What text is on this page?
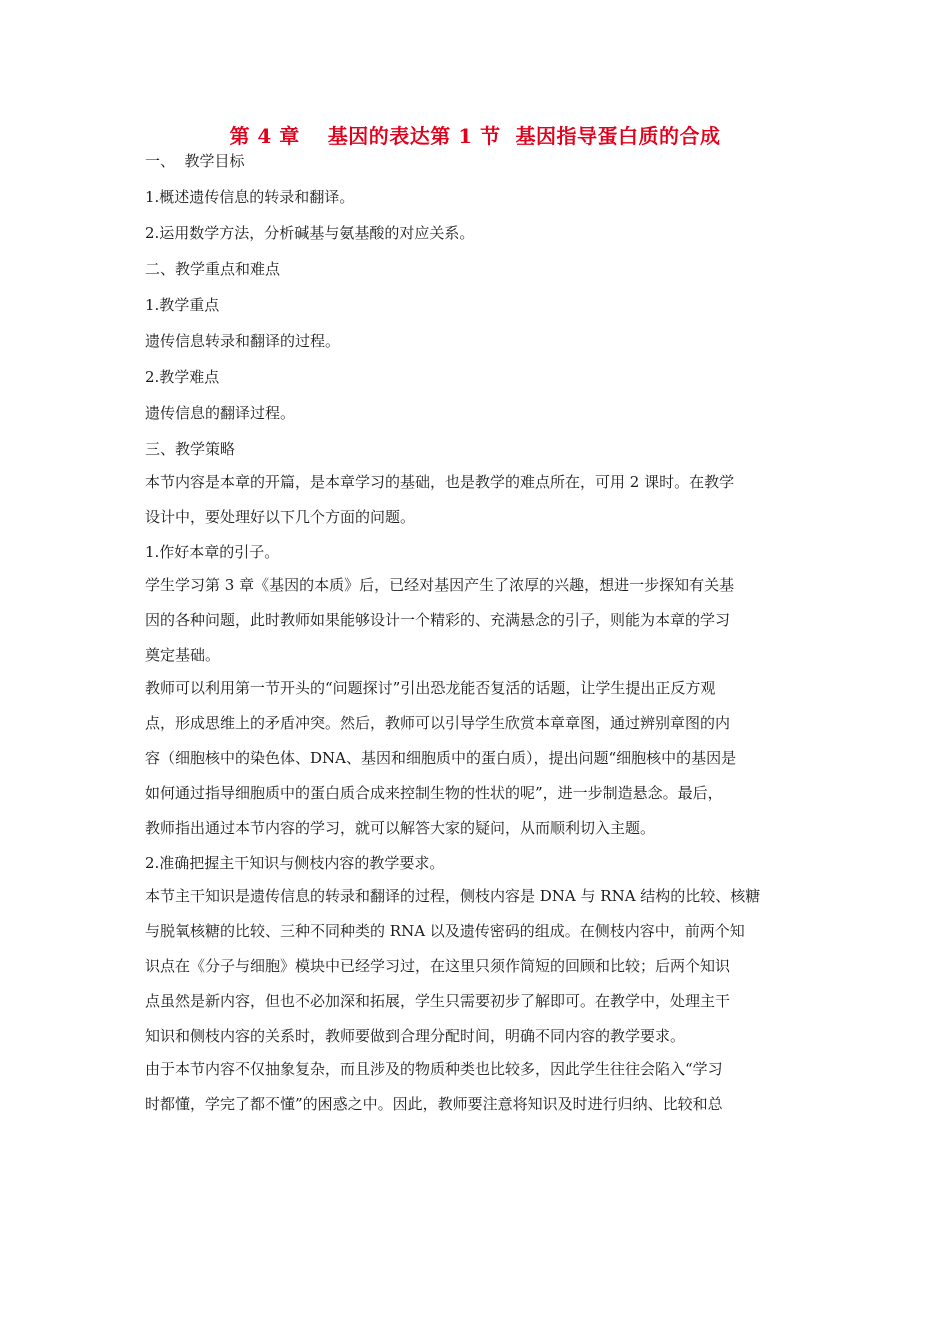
第 4 章　 基因的表达第 1 节  基因指导蛋白质的合成
一、  教学目标
1.概述遗传信息的转录和翻译。
2.运用数学方法，分析碱基与氨基酸的对应关系。
二、教学重点和难点
1.教学重点
遗传信息转录和翻译的过程。
2.教学难点
遗传信息的翻译过程。
三、教学策略
本节内容是本章的开篇，是本章学习的基础，也是教学的难点所在，可用 2 课时。在教学
设计中，要处理好以下几个方面的问题。
1.作好本章的引子。
学生学习第 3 章《基因的本质》后，已经对基因产生了浓厚的兴趣，想进一步探知有关基
因的各种问题，此时教师如果能够设计一个精彩的、充满悬念的引子，则能为本章的学习
奠定基础。
教师可以利用第一节开头的“问题探讨”引出恐龙能否复活的话题，让学生提出正反方观
点，形成思维上的矛盾冲突。然后，教师可以引导学生欣赏本章章图，通过辨别章图的内
容（细胞核中的染色体、DNA、基因和细胞质中的蛋白质），提出问题“细胞核中的基因是
如何通过指导细胞质中的蛋白质合成来控制生物的性状的呢”，进一步制造悬念。最后，
教师指出通过本节内容的学习，就可以解答大家的疑问，从而顺利切入主题。
2.准确把握主干知识与侧枝内容的教学要求。
本节主干知识是遗传信息的转录和翻译的过程，侧枝内容是 DNA 与 RNA 结构的比较、核糖
与脱氧核糖的比较、三种不同种类的 RNA 以及遗传密码的组成。在侧枝内容中，前两个知
识点在《分子与细胞》模块中已经学习过，在这里只须作简短的回顾和比较；后两个知识
点虽然是新内容，但也不必加深和拓展，学生只需要初步了解即可。在教学中，处理主干
知识和侧枝内容的关系时，教师要做到合理分配时间，明确不同内容的教学要求。
由于本节内容不仅抽象复杂，而且涉及的物质种类也比较多，因此学生往往会陷入“学习
时都懂，学完了都不懂”的困惑之中。因此，教师要注意将知识及时进行归纳、比较和总
